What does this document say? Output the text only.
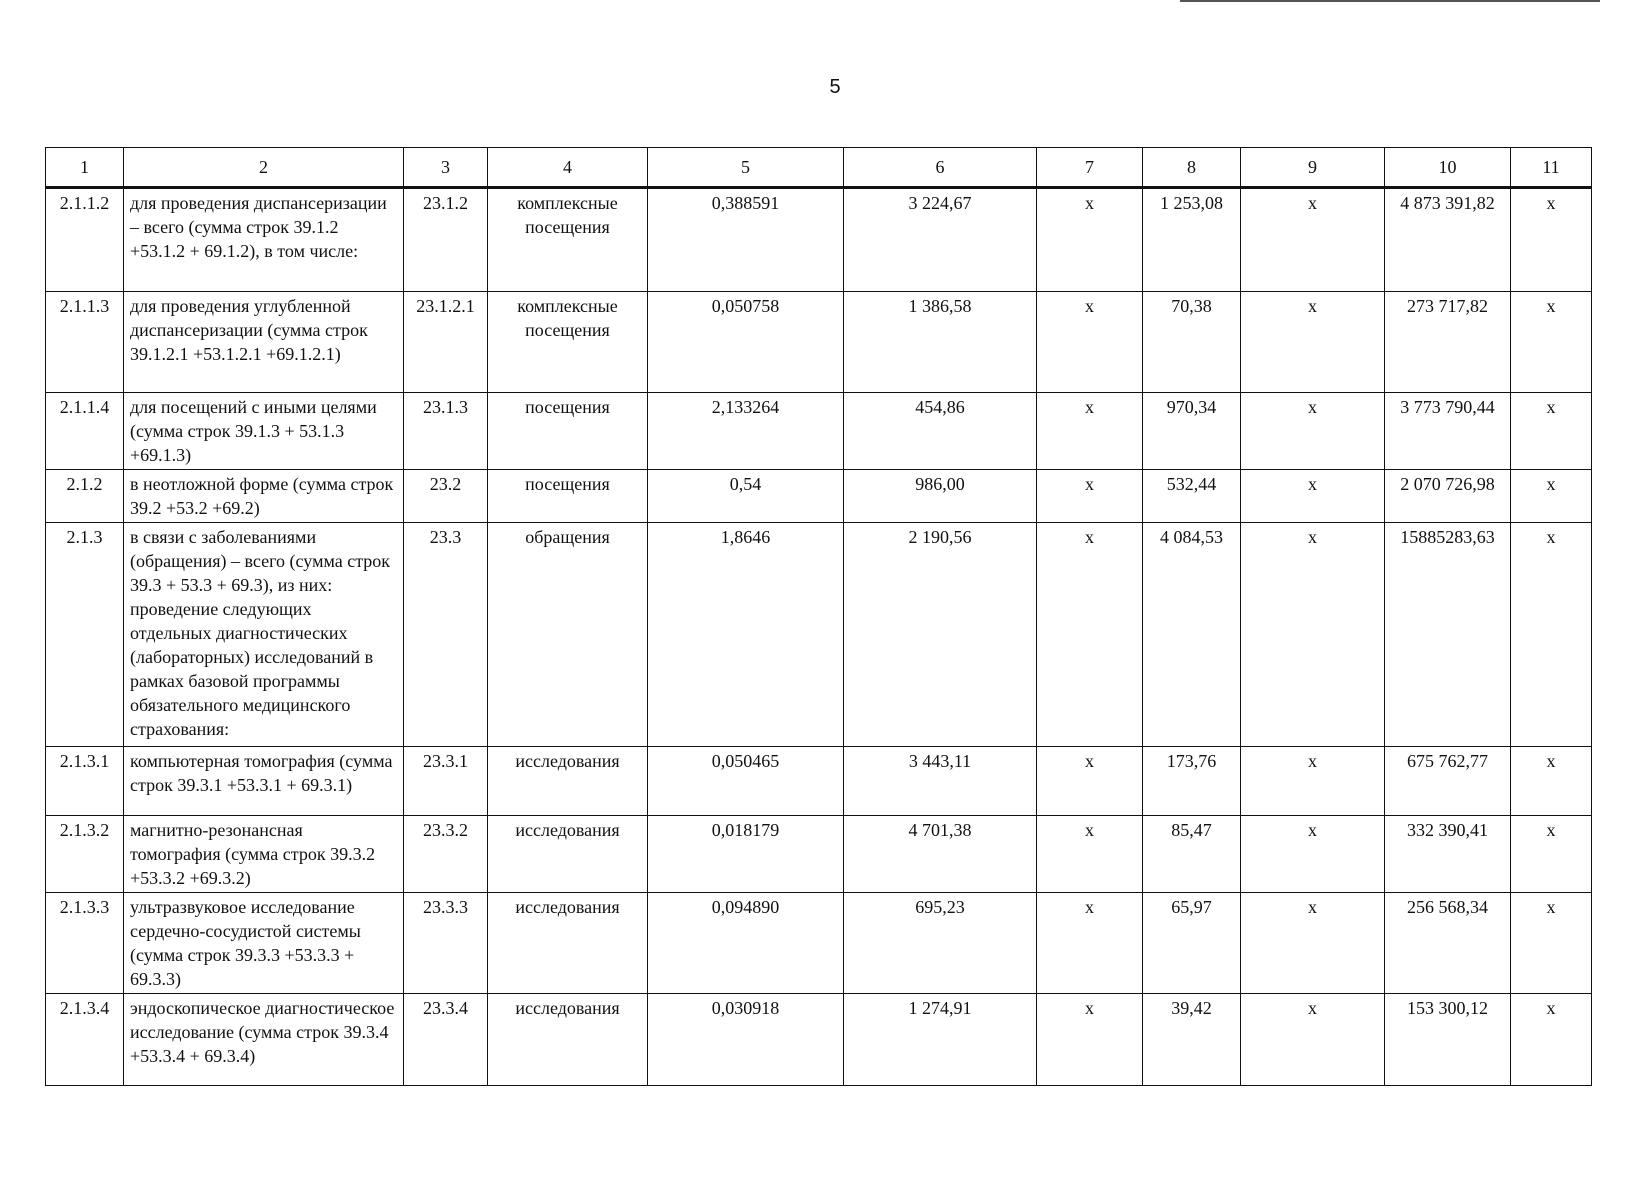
5
1	2	3	4	5	6	7	8	9	10	11
2.1.1.2	для проведения диспансеризации – всего (сумма строк 39.1.2 +53.1.2 + 69.1.2), в том числе:	23.1.2	комплексные посещения	0,388591	3 224,67	х	1 253,08	х	4 873 391,82	х
2.1.1.3	для проведения углубленной диспансеризации (сумма строк 39.1.2.1 +53.1.2.1 +69.1.2.1)	23.1.2.1	комплексные посещения	0,050758	1 386,58	х	70,38	х	273 717,82	х
2.1.1.4	для посещений с иными целями (сумма строк 39.1.3 + 53.1.3 +69.1.3)	23.1.3	посещения	2,133264	454,86	х	970,34	х	3 773 790,44	х
2.1.2	в неотложной форме (сумма строк 39.2 +53.2 +69.2)	23.2	посещения	0,54	986,00	х	532,44	х	2 070 726,98	х
2.1.3	в связи с заболеваниями (обращения) – всего (сумма строк 39.3 + 53.3 + 69.3), из них: проведение следующих отдельных диагностических (лабораторных) исследований в рамках базовой программы обязательного медицинского страхования:	23.3	обращения	1,8646	2 190,56	х	4 084,53	х	15885283,63	х
2.1.3.1	компьютерная томография (сумма строк 39.3.1 +53.3.1 + 69.3.1)	23.3.1	исследования	0,050465	3 443,11	х	173,76	х	675 762,77	х
2.1.3.2	магнитно-резонансная томография (сумма строк 39.3.2 +53.3.2 +69.3.2)	23.3.2	исследования	0,018179	4 701,38	х	85,47	х	332 390,41	х
2.1.3.3	ультразвуковое исследование сердечно-сосудистой системы (сумма строк 39.3.3 +53.3.3 + 69.3.3)	23.3.3	исследования	0,094890	695,23	х	65,97	х	256 568,34	х
2.1.3.4	эндоскопическое диагностическое исследование (сумма строк 39.3.4 +53.3.4 + 69.3.4)	23.3.4	исследования	0,030918	1 274,91	х	39,42	х	153 300,12	х
